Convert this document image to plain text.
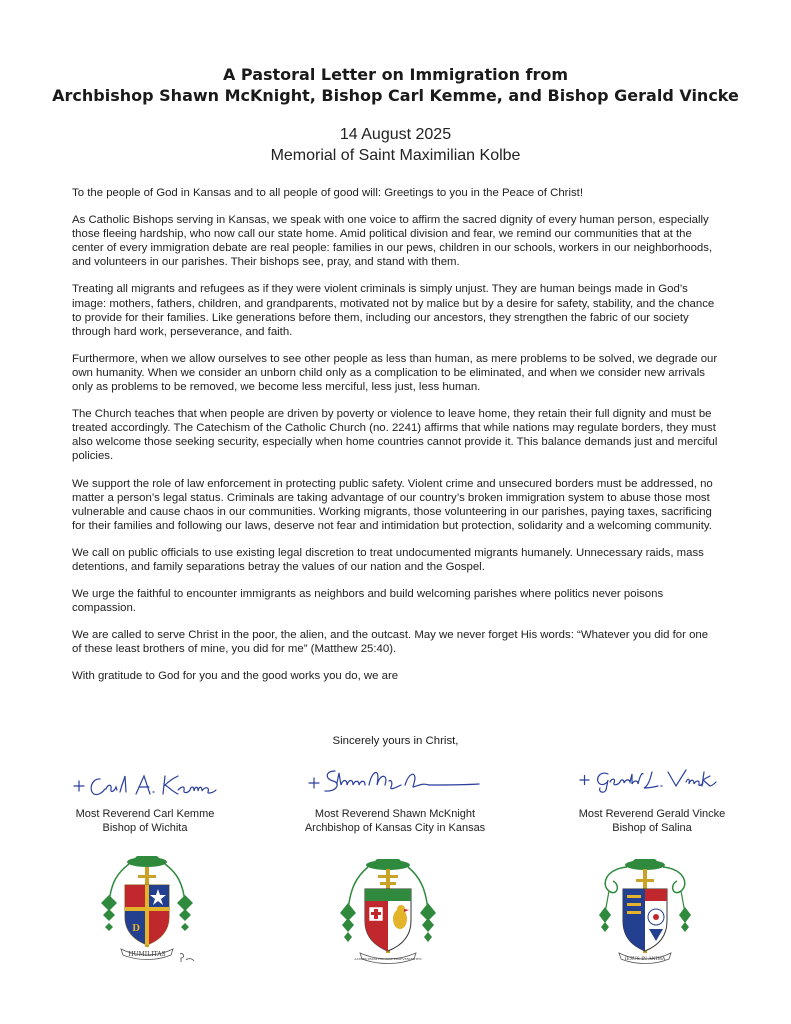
A Pastoral Letter on Immigration from
Archbishop Shawn McKnight, Bishop Carl Kemme, and Bishop Gerald Vincke
14 August 2025
Memorial of Saint Maximilian Kolbe

To the people of God in Kansas and to all people of good will: Greetings to you in the Peace of Christ!

As Catholic Bishops serving in Kansas, we speak with one voice to affirm the sacred dignity of every human person, especially those fleeing hardship, who now call our state home. Amid political division and fear, we remind our communities that at the center of every immigration debate are real people: families in our pews, children in our schools, workers in our neighborhoods, and volunteers in our parishes. Their bishops see, pray, and stand with them.

Treating all migrants and refugees as if they were violent criminals is simply unjust. They are human beings made in God’s image: mothers, fathers, children, and grandparents, motivated not by malice but by a desire for safety, stability, and the chance to provide for their families. Like generations before them, including our ancestors, they strengthen the fabric of our society through hard work, perseverance, and faith.

Furthermore, when we allow ourselves to see other people as less than human, as mere problems to be solved, we degrade our own humanity. When we consider an unborn child only as a complication to be eliminated, and when we consider new arrivals only as problems to be removed, we become less merciful, less just, less human.

The Church teaches that when people are driven by poverty or violence to leave home, they retain their full dignity and must be treated accordingly. The Catechism of the Catholic Church (no. 2241) affirms that while nations may regulate borders, they must also welcome those seeking security, especially when home countries cannot provide it. This balance demands just and merciful policies.

We support the role of law enforcement in protecting public safety. Violent crime and unsecured borders must be addressed, no matter a person’s legal status. Criminals are taking advantage of our country’s broken immigration system to abuse those most vulnerable and cause chaos in our communities. Working migrants, those volunteering in our parishes, paying taxes, sacrificing for their families and following our laws, deserve not fear and intimidation but protection, solidarity and a welcoming community.

We call on public officials to use existing legal discretion to treat undocumented migrants humanely. Unnecessary raids, mass detentions, and family separations betray the values of our nation and the Gospel.

We urge the faithful to encounter immigrants as neighbors and build welcoming parishes where politics never poisons compassion.

We are called to serve Christ in the poor, the alien, and the outcast. May we never forget His words: “Whatever you did for one of these least brothers of mine, you did for me” (Matthew 25:40).

With gratitude to God for you and the good works you do, we are

Sincerely yours in Christ,
Most Reverend Carl Kemme
Bishop of Wichita
Most Reverend Shawn McKnight
Archbishop of Kansas City in Kansas
Most Reverend Gerald Vincke
Bishop of Salina
D
HUMILITAS
ALTERUTRUM HONORE PRAEVENIENTES	IESUS IN ANIMA
